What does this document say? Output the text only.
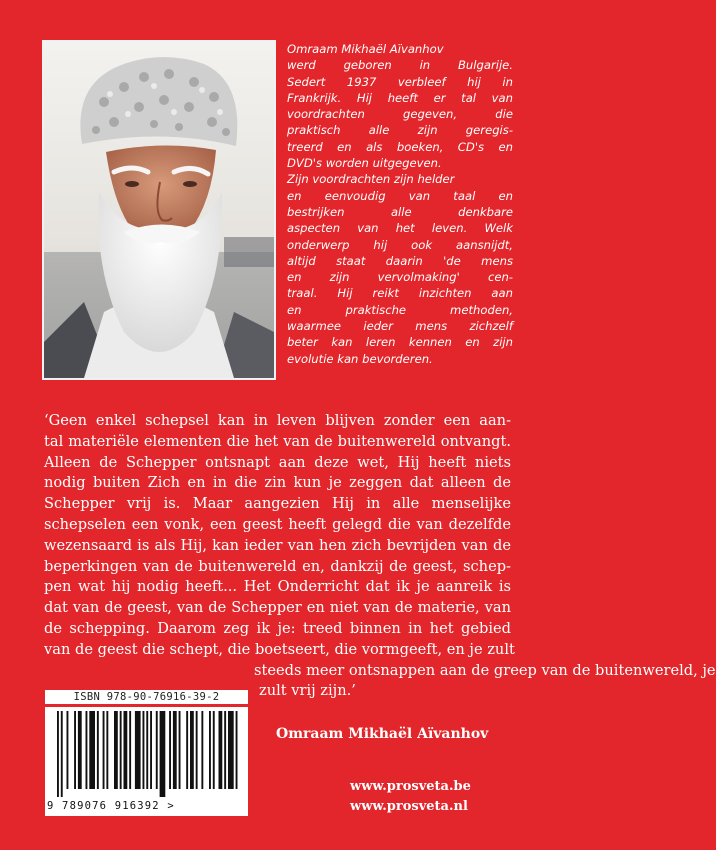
Omraam Mikhaël Aïvanhov
werd geboren in Bulgarije.
Sedert 1937 verbleef hij in
Frankrijk. Hij heeft er tal van
voordrachten gegeven, die
praktisch alle zijn geregis-
treerd en als boeken, CD's en
DVD's worden uitgegeven.
Zijn voordrachten zijn helder
en eenvoudig van taal en
bestrijken alle denkbare
aspecten van het leven. Welk
onderwerp hij ook aansnijdt,
altijd staat daarin 'de mens
en zijn vervolmaking' cen-
traal. Hij reikt inzichten aan
en praktische methoden,
waarmee ieder mens zichzelf
beter kan leren kennen en zijn
evolutie kan bevorderen.
‘Geen enkel schepsel kan in leven blijven zonder een aan-
tal materiële elementen die het van de buitenwereld ontvangt.
Alleen de Schepper ontsnapt aan deze wet, Hij heeft niets
nodig buiten Zich en in die zin kun je zeggen dat alleen de
Schepper vrij is. Maar aangezien Hij in alle menselijke
schepselen een vonk, een geest heeft gelegd die van dezelfde
wezensaard is als Hij, kan ieder van hen zich bevrijden van de
beperkingen van de buitenwereld en, dankzij de geest, schep-
pen wat hij nodig heeft... Het Onderricht dat ik je aanreik is
dat van de geest, van de Schepper en niet van de materie, van
de schepping. Daarom zeg ik je: treed binnen in het gebied
van de geest die schept, die boetseert, die vormgeeft, en je zult
steeds meer ontsnappen aan de greep van de buitenwereld, je
zult vrij zijn.’
Omraam Mikhaël Aïvanhov
ISBN 978-90-76916-39-2
9 789076 916392 >
www.prosveta.be
www.prosveta.nl
